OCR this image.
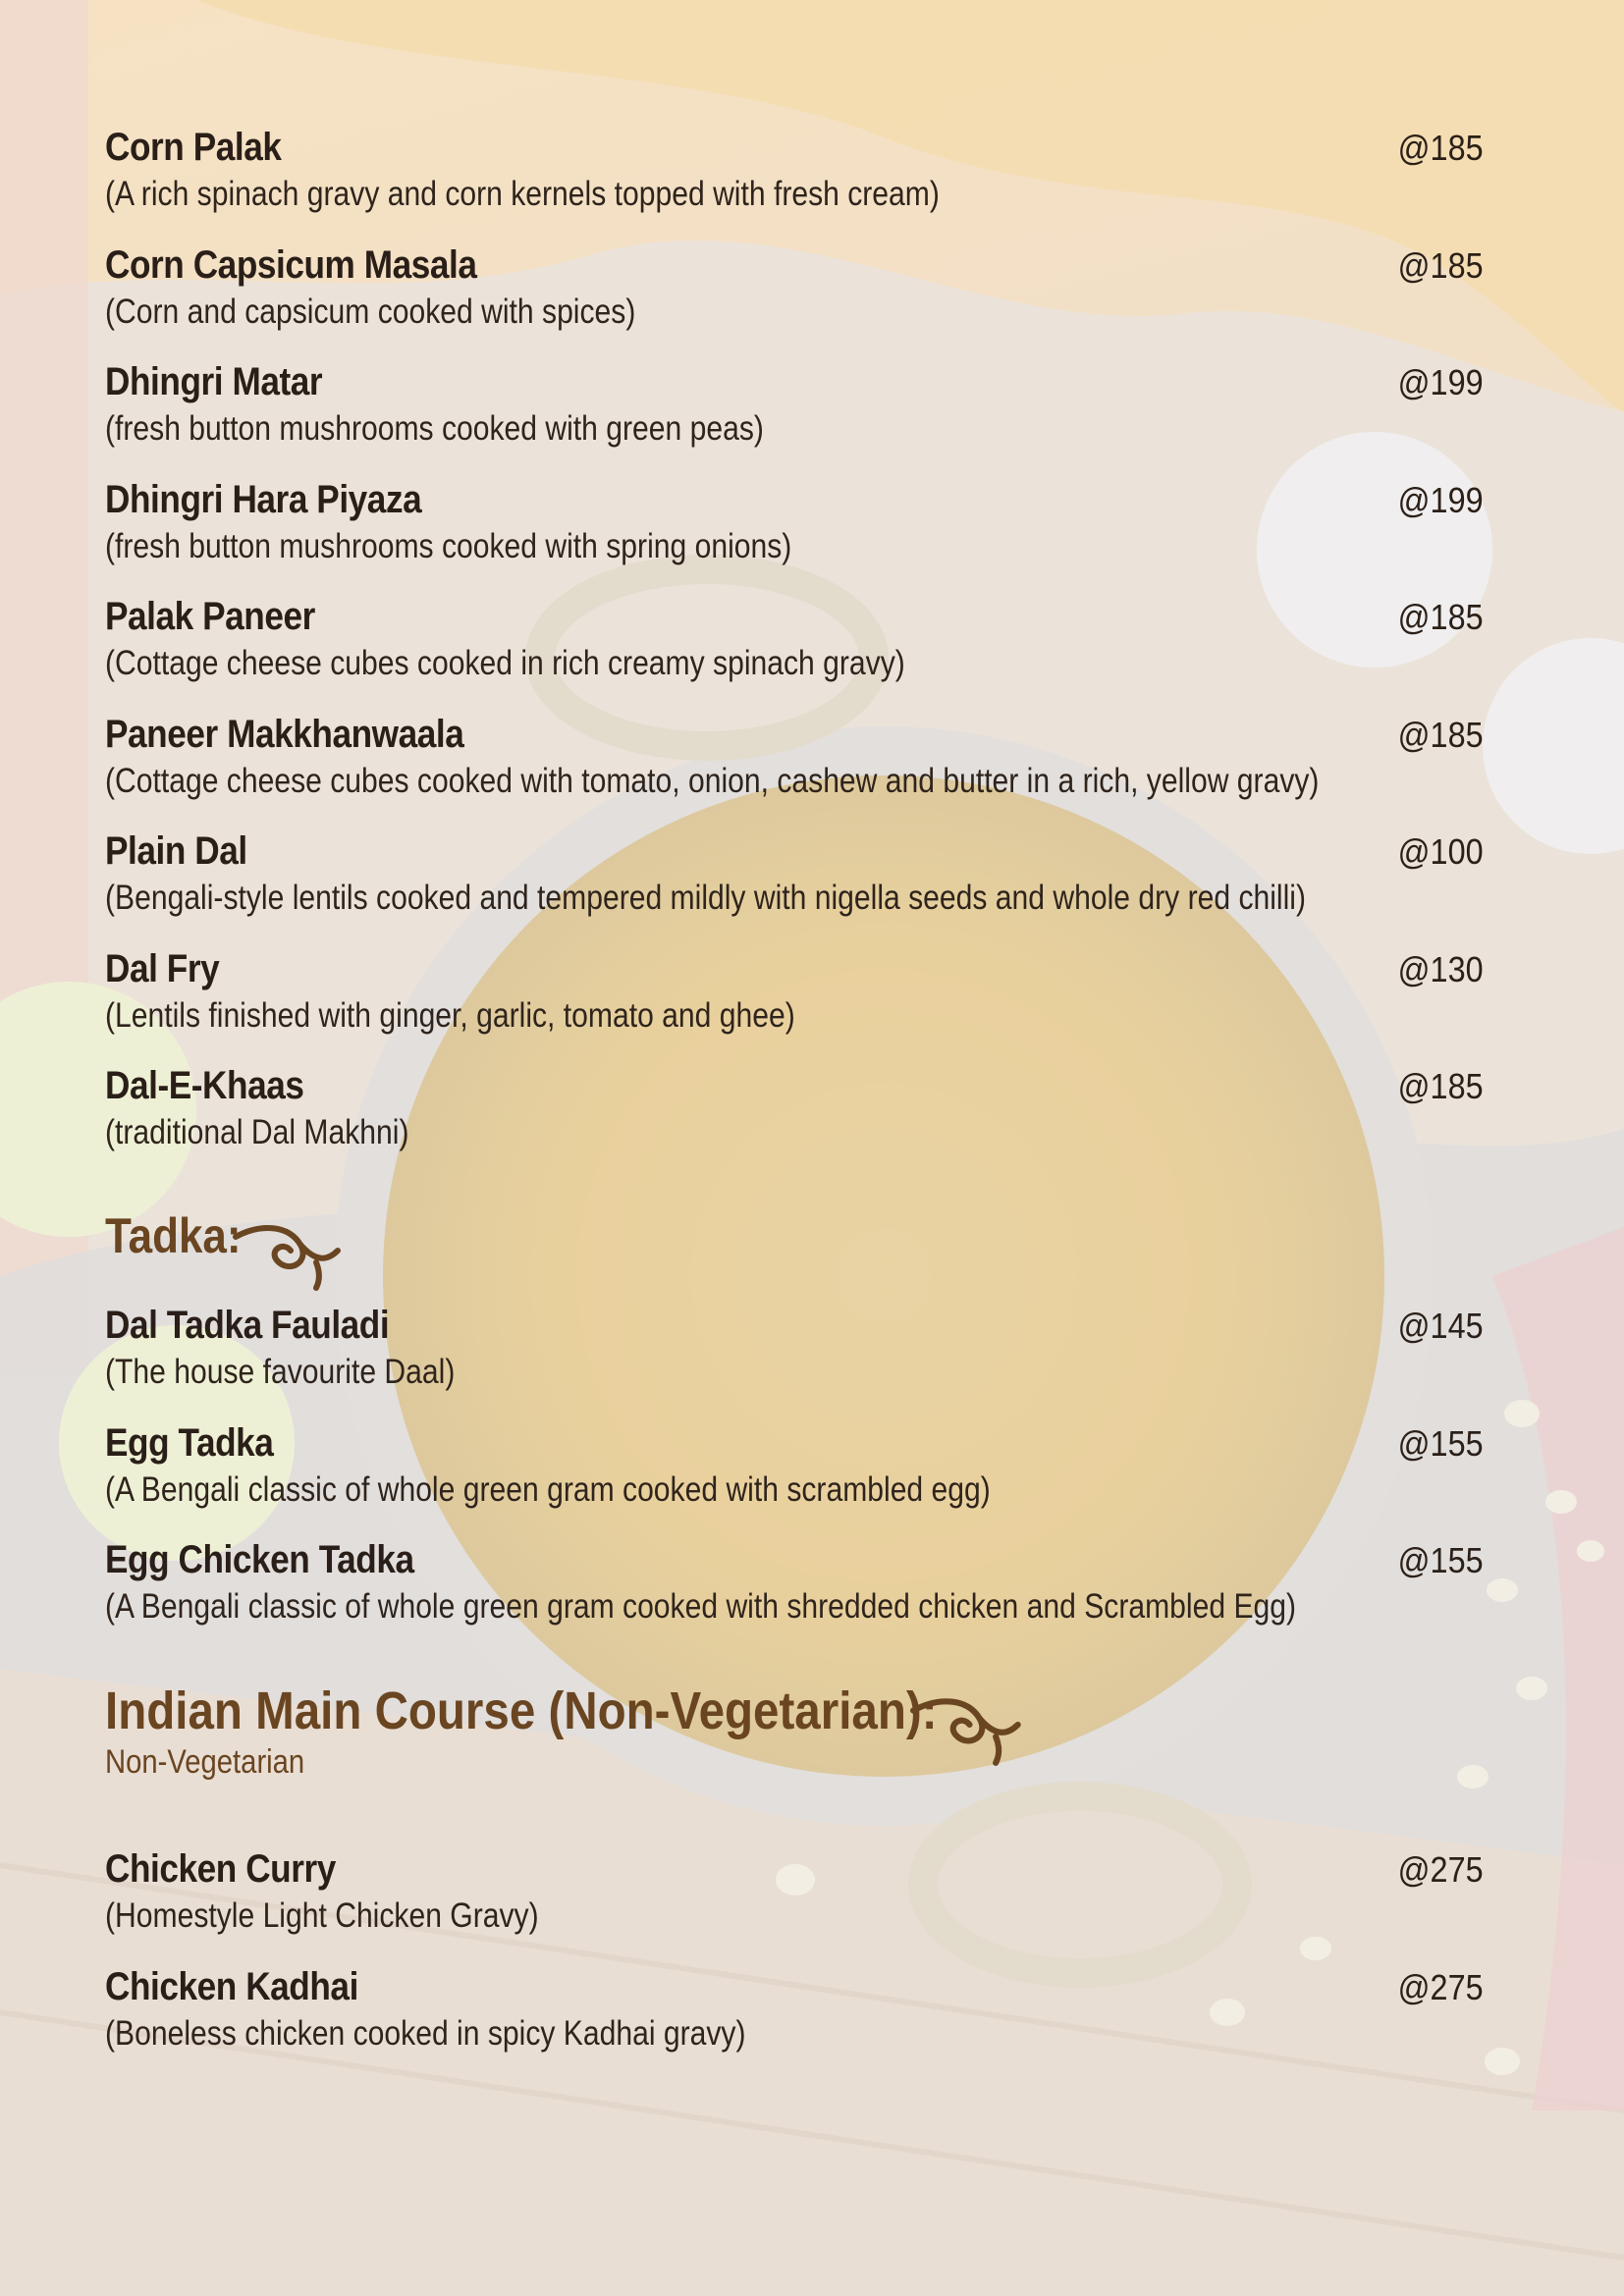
Corn Palak	@185
(A rich spinach gravy and corn kernels topped with fresh cream)
Corn Capsicum Masala	@185
(Corn and capsicum cooked with spices)
Dhingri Matar	@199
(fresh button mushrooms cooked with green peas)
Dhingri Hara Piyaza	@199
(fresh button mushrooms cooked with spring onions)
Palak Paneer	@185
(Cottage cheese cubes cooked in rich creamy spinach gravy)
Paneer Makkhanwaala	@185
(Cottage cheese cubes cooked with tomato, onion, cashew and butter in a rich, yellow gravy)
Plain Dal	@100
(Bengali-style lentils cooked and tempered mildly with nigella seeds and whole dry red chilli)
Dal Fry	@130
(Lentils finished with ginger, garlic, tomato and ghee)
Dal-E-Khaas	@185
(traditional Dal Makhni)
Tadka:
Dal Tadka Fauladi	@145
(The house favourite Daal)
Egg Tadka	@155
(A Bengali classic of whole green gram cooked with scrambled egg)
Egg Chicken Tadka	@155
(A Bengali classic of whole green gram cooked with shredded chicken and Scrambled Egg)
Indian Main Course (Non-Vegetarian):
Non-Vegetarian
Chicken Curry	@275
(Homestyle Light Chicken Gravy)
Chicken Kadhai	@275
(Boneless chicken cooked in spicy Kadhai gravy)
